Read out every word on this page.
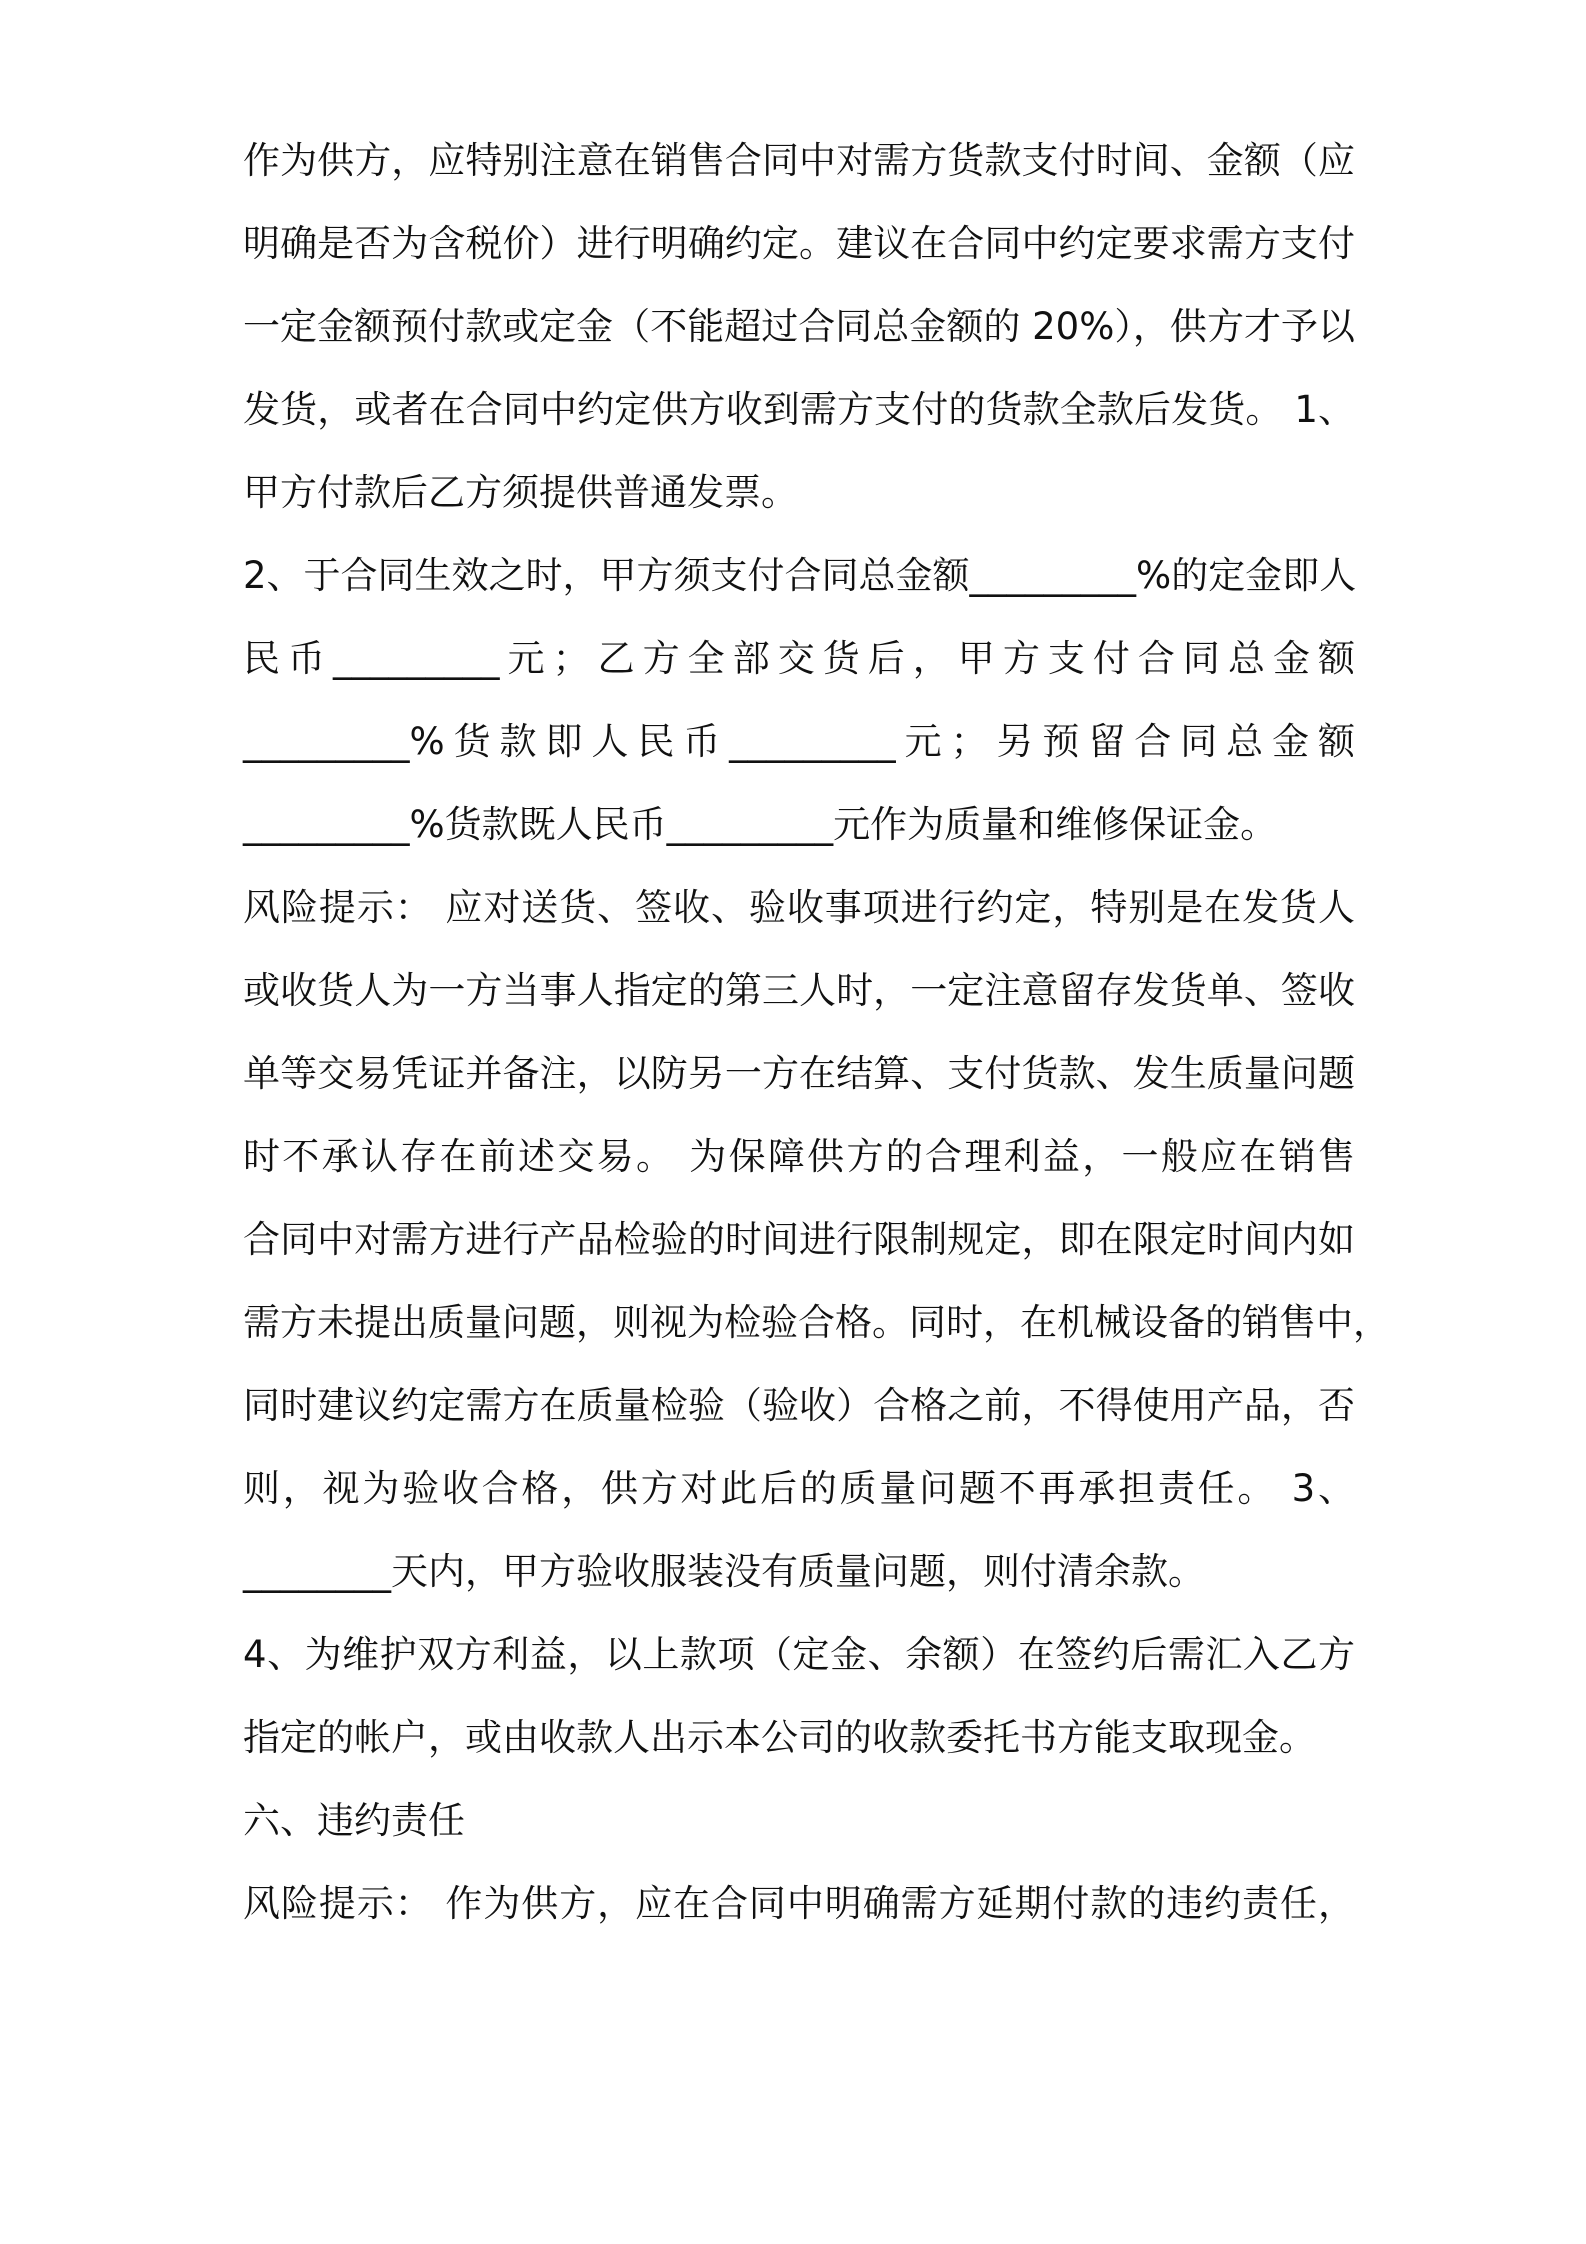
作为供方，应特别注意在销售合同中对需方货款支付时间、金额（应
明确是否为含税价）进行明确约定。建议在合同中约定要求需方支付
一定金额预付款或定金（不能超过合同总金额的 20%），供方才予以
发货，或者在合同中约定供方收到需方支付的货款全款后发货。 1、
甲方付款后乙方须提供普通发票。
2、于合同生效之时，甲方须支付合同总金额_________%的定金即人
民币_________元；乙方全部交货后，甲方支付合同总金额
_________%货款即人民币_________元；另预留合同总金额
_________%货款既人民币_________元作为质量和维修保证金。
风险提示： 应对送货、签收、验收事项进行约定，特别是在发货人
或收货人为一方当事人指定的第三人时，一定注意留存发货单、签收
单等交易凭证并备注，以防另一方在结算、支付货款、发生质量问题
时不承认存在前述交易。 为保障供方的合理利益，一般应在销售
合同中对需方进行产品检验的时间进行限制规定，即在限定时间内如
需方未提出质量问题，则视为检验合格。同时，在机械设备的销售中，
同时建议约定需方在质量检验（验收）合格之前，不得使用产品，否
则，视为验收合格，供方对此后的质量问题不再承担责任。 3、
________天内，甲方验收服装没有质量问题，则付清余款。
4、为维护双方利益，以上款项（定金、余额）在签约后需汇入乙方
指定的帐户，或由收款人出示本公司的收款委托书方能支取现金。
六、违约责任
风险提示： 作为供方，应在合同中明确需方延期付款的违约责任，
